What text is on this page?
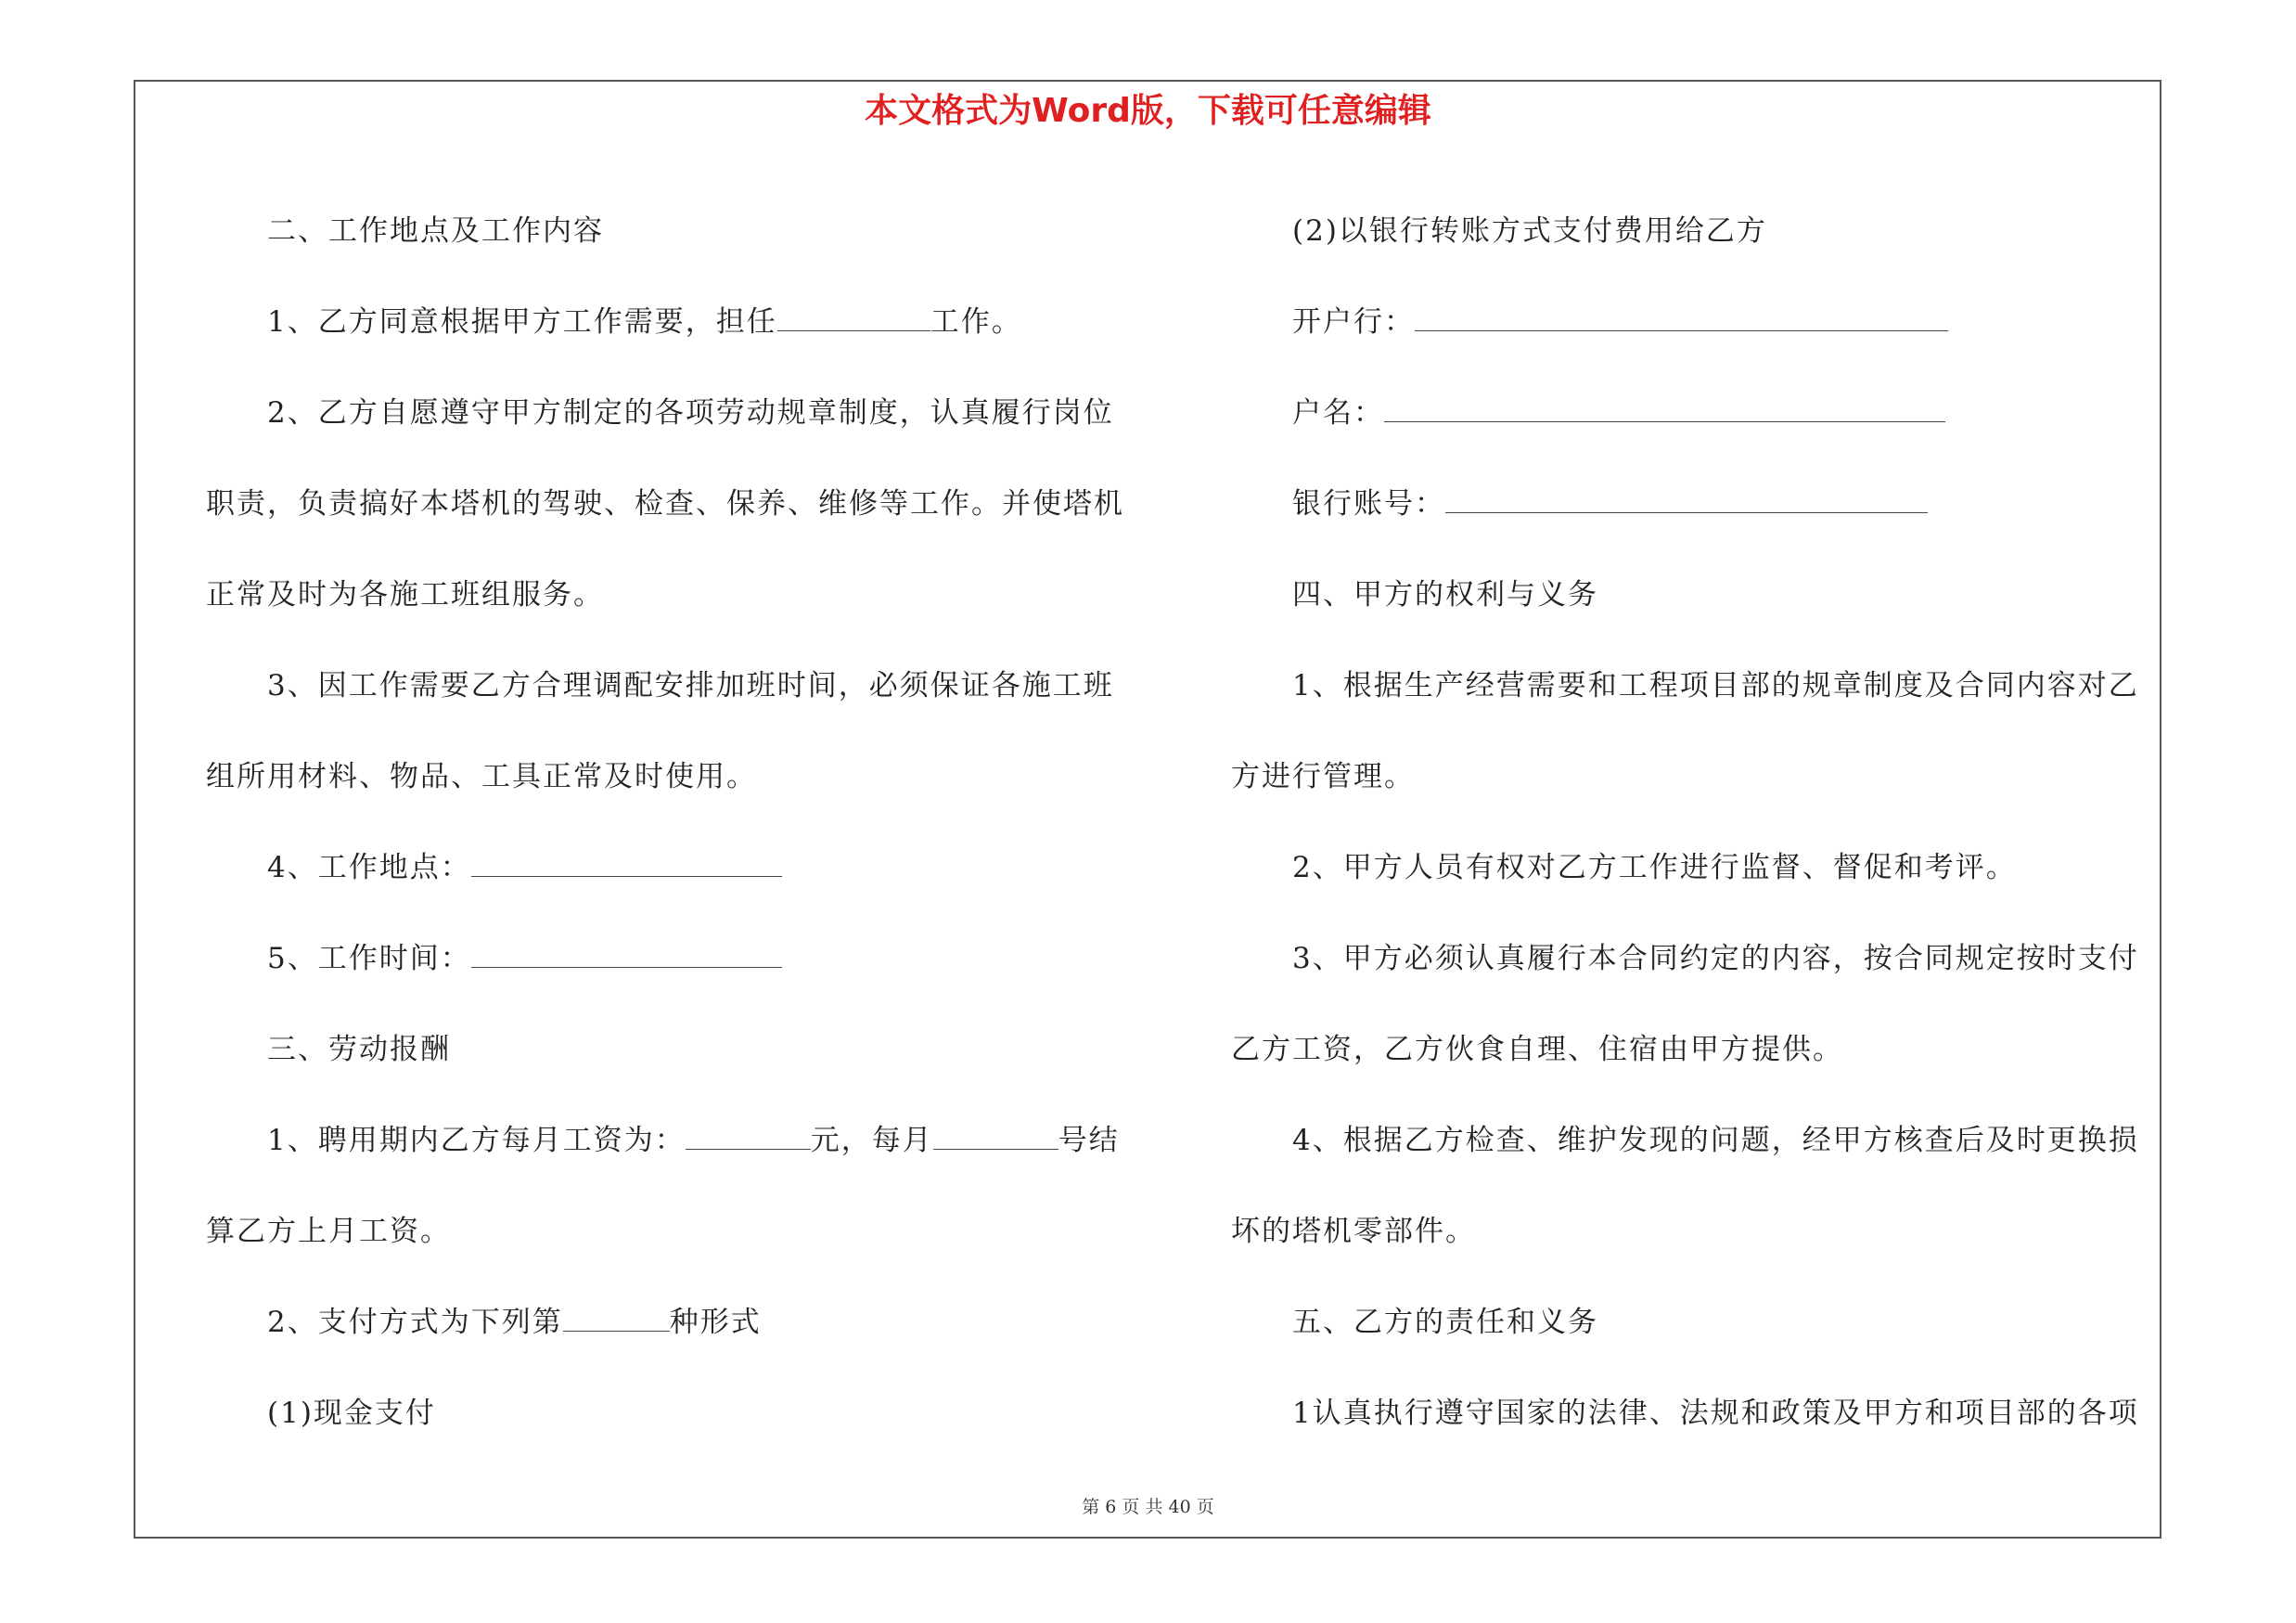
本文格式为Word版，下载可任意编辑
二、工作地点及工作内容
1、乙方同意根据甲方工作需要，担任	工作。
2、乙方自愿遵守甲方制定的各项劳动规章制度，认真履行岗位
职责，负责搞好本塔机的驾驶、检查、保养、维修等工作。并使塔机
正常及时为各施工班组服务。
3、因工作需要乙方合理调配安排加班时间，必须保证各施工班
组所用材料、物品、工具正常及时使用。
4、工作地点：
5、工作时间：
三、劳动报酬
1、聘用期内乙方每月工资为：	元，每月	号结
算乙方上月工资。
2、支付方式为下列第	种形式
(1)现金支付
(2)以银行转账方式支付费用给乙方
开户行：
户名：
银行账号：
四、甲方的权利与义务
1、根据生产经营需要和工程项目部的规章制度及合同内容对乙
方进行管理。
2、甲方人员有权对乙方工作进行监督、督促和考评。
3、甲方必须认真履行本合同约定的内容，按合同规定按时支付
乙方工资，乙方伙食自理、住宿由甲方提供。
4、根据乙方检查、维护发现的问题，经甲方核查后及时更换损
坏的塔机零部件。
五、乙方的责任和义务
1认真执行遵守国家的法律、法规和政策及甲方和项目部的各项
第 6 页 共 40 页
